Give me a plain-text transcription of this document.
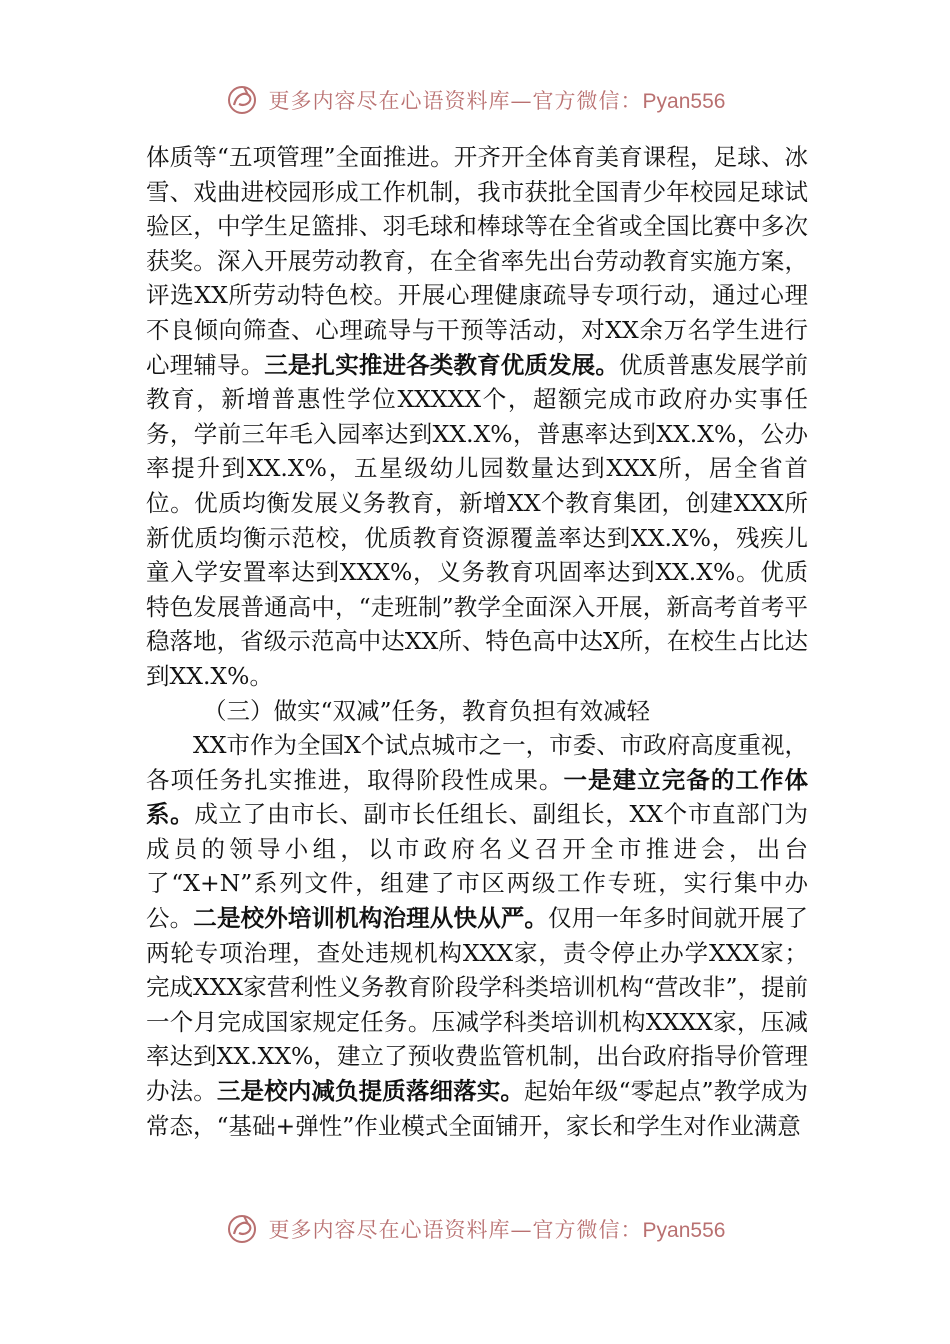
更多内容尽在心语资料库—官方微信：Pyan556

体质等“五项管理”全面推进。开齐开全体育美育课程，足球、冰雪、戏曲进校园形成工作机制，我市获批全国青少年校园足球试验区，中学生足篮排、羽毛球和棒球等在全省或全国比赛中多次获奖。深入开展劳动教育，在全省率先出台劳动教育实施方案，评选XX所劳动特色校。开展心理健康疏导专项行动，通过心理不良倾向筛查、心理疏导与干预等活动，对XX余万名学生进行心理辅导。三是扎实推进各类教育优质发展。优质普惠发展学前教育，新增普惠性学位XXXXX个，超额完成市政府办实事任务，学前三年毛入园率达到XX.X%，普惠率达到XX.X%，公办率提升到XX.X%，五星级幼儿园数量达到XXX所，居全省首位。优质均衡发展义务教育，新增XX个教育集团，创建XXX所新优质均衡示范校，优质教育资源覆盖率达到XX.X%，残疾儿童入学安置率达到XXX%，义务教育巩固率达到XX.X%。优质特色发展普通高中，“走班制”教学全面深入开展，新高考首考平稳落地，省级示范高中达XX所、特色高中达X所，在校生占比达到XX.X%。

（三）做实“双减”任务，教育负担有效减轻

XX市作为全国X个试点城市之一，市委、市政府高度重视，各项任务扎实推进，取得阶段性成果。一是建立完备的工作体系。成立了由市长、副市长任组长、副组长，XX个市直部门为成员的领导小组，以市政府名义召开全市推进会，出台了“X+N”系列文件，组建了市区两级工作专班，实行集中办公。二是校外培训机构治理从快从严。仅用一年多时间就开展了两轮专项治理，查处违规机构XXX家，责令停止办学XXX家；完成XXX家营利性义务教育阶段学科类培训机构“营改非”，提前一个月完成国家规定任务。压减学科类培训机构XXXX家，压减率达到XX.XX%，建立了预收费监管机制，出台政府指导价管理办法。三是校内减负提质落细落实。起始年级“零起点”教学成为常态，“基础+弹性”作业模式全面铺开，家长和学生对作业满意

更多内容尽在心语资料库—官方微信：Pyan556
